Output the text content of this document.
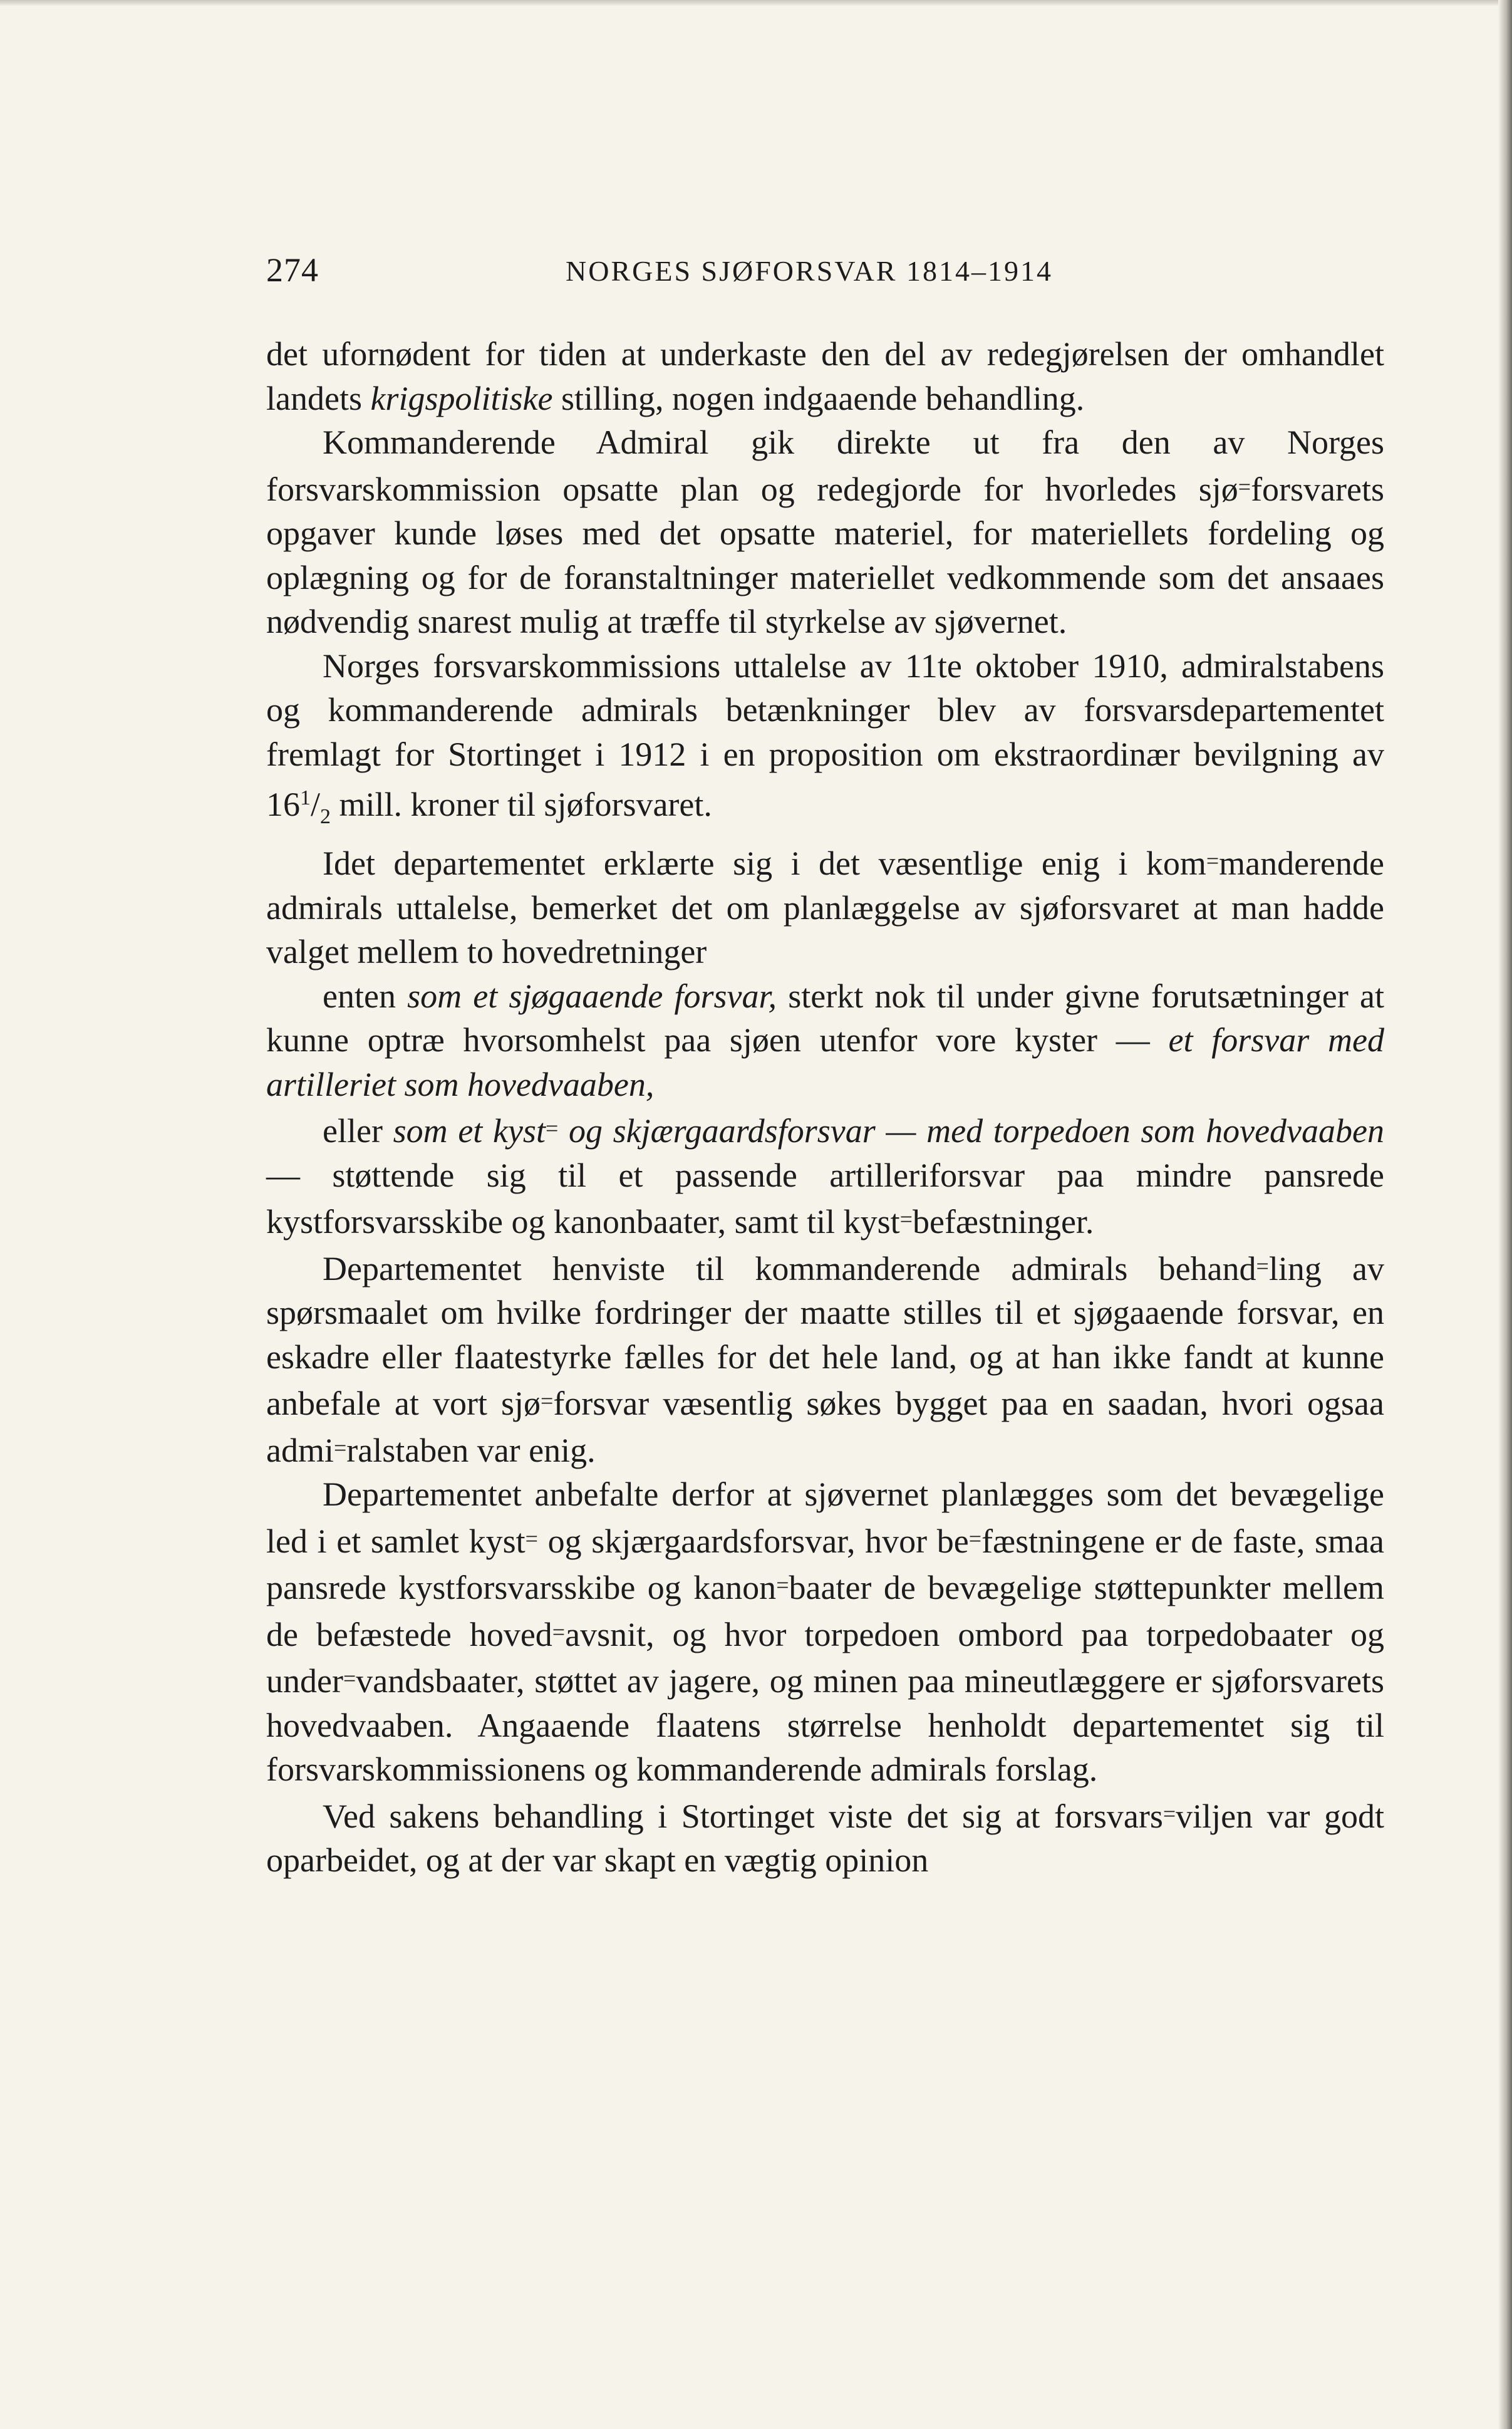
274	NORGES SJØFORSVAR 1814–1914

det ufornødent for tiden at underkaste den del av redegjørelsen der omhandlet landets krigspolitiske stilling, nogen indgaaende behandling.

Kommanderende Admiral gik direkte ut fra den av Norges forsvarskommission opsatte plan og redegjorde for hvorledes sjø=forsvarets opgaver kunde løses med det opsatte materiel, for materiellets fordeling og oplægning og for de foranstaltninger materiellet vedkommende som det ansaaes nødvendig snarest mulig at træffe til styrkelse av sjøvernet.

Norges forsvarskommissions uttalelse av 11te oktober 1910, admiralstabens og kommanderende admirals betænkninger blev av forsvarsdepartementet fremlagt for Stortinget i 1912 i en proposition om ekstraordinær bevilgning av $16^1/_2$ mill. kroner til sjøforsvaret.

Idet departementet erklærte sig i det væsentlige enig i kom=manderende admirals uttalelse, bemerket det om planlæggelse av sjøforsvaret at man hadde valget mellem to hovedretninger

enten som et sjøgaaende forsvar, sterkt nok til under givne forutsætninger at kunne optræ hvorsomhelst paa sjøen utenfor vore kyster — et forsvar med artilleriet som hovedvaaben,

eller som et kyst= og skjærgaardsforsvar — med torpedoen som hovedvaaben — støttende sig til et passende artilleriforsvar paa mindre pansrede kystforsvarsskibe og kanonbaater, samt til kyst=befæstninger.

Departementet henviste til kommanderende admirals behand=ling av spørsmaalet om hvilke fordringer der maatte stilles til et sjøgaaende forsvar, en eskadre eller flaatestyrke fælles for det hele land, og at han ikke fandt at kunne anbefale at vort sjø=forsvar væsentlig søkes bygget paa en saadan, hvori ogsaa admi=ralstaben var enig.

Departementet anbefalte derfor at sjøvernet planlægges som det bevægelige led i et samlet kyst= og skjærgaardsforsvar, hvor be=fæstningene er de faste, smaa pansrede kystforsvarsskibe og kanon=baater de bevægelige støttepunkter mellem de befæstede hoved=avsnit, og hvor torpedoen ombord paa torpedobaater og under=vandsbaater, støttet av jagere, og minen paa mineutlæggere er sjøforsvarets hovedvaaben. Angaaende flaatens størrelse henholdt departementet sig til forsvarskommissionens og kommanderende admirals forslag.

Ved sakens behandling i Stortinget viste det sig at forsvars=viljen var godt oparbeidet, og at der var skapt en vægtig opinion
